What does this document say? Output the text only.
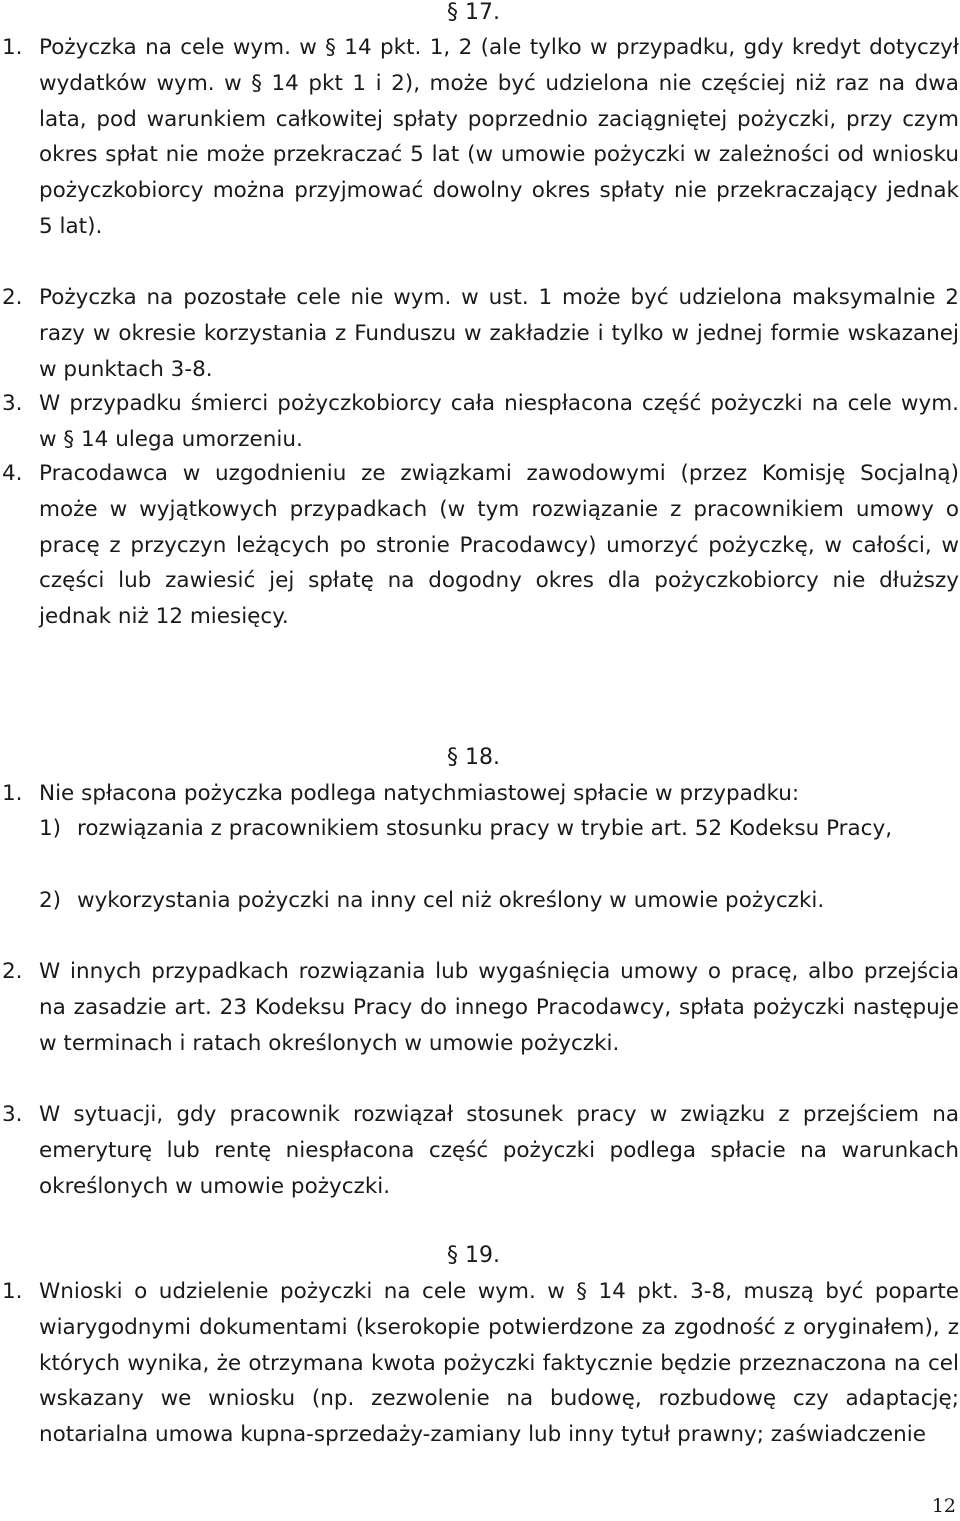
§ 17.
1. Pożyczka na cele wym. w § 14 pkt. 1, 2 (ale tylko w przypadku, gdy kredyt dotyczył wydatków wym. w § 14 pkt 1 i 2), może być udzielona nie częściej niż raz na dwa lata, pod warunkiem całkowitej spłaty poprzednio zaciągniętej pożyczki, przy czym okres spłat nie może przekraczać 5 lat (w umowie pożyczki w zależności od wniosku pożyczkobiorcy można przyjmować dowolny okres spłaty nie przekraczający jednak 5 lat).
2. Pożyczka na pozostałe cele nie wym. w ust. 1 może być udzielona maksymalnie 2 razy w okresie korzystania z Funduszu w zakładzie i tylko w jednej formie wskazanej w punktach 3-8.
3. W przypadku śmierci pożyczkobiorcy cała niespłacona część pożyczki na cele wym. w § 14 ulega umorzeniu.
4. Pracodawca w uzgodnieniu ze związkami zawodowymi (przez Komisję Socjalną) może w wyjątkowych przypadkach (w tym rozwiązanie z pracownikiem umowy o pracę z przyczyn leżących po stronie Pracodawcy) umorzyć pożyczkę, w całości, w części lub zawiesić jej spłatę na dogodny okres dla pożyczkobiorcy nie dłuższy jednak niż 12 miesięcy.
§ 18.
1. Nie spłacona pożyczka podlega natychmiastowej spłacie w przypadku:
1) rozwiązania z pracownikiem stosunku pracy w trybie art. 52 Kodeksu Pracy,
2) wykorzystania pożyczki na inny cel niż określony w umowie pożyczki.
2. W innych przypadkach rozwiązania lub wygaśnięcia umowy o pracę, albo przejścia na zasadzie art. 23 Kodeksu Pracy do innego Pracodawcy, spłata pożyczki następuje w terminach i ratach określonych w umowie pożyczki.
3. W sytuacji, gdy pracownik rozwiązał stosunek pracy w związku z przejściem na emeryturę lub rentę niespłacona część pożyczki podlega spłacie na warunkach określonych w umowie pożyczki.
§ 19.
1. Wnioski o udzielenie pożyczki na cele wym. w § 14 pkt. 3-8, muszą być poparte wiarygodnymi dokumentami (kserokopie potwierdzone za zgodność z oryginałem), z których wynika, że otrzymana kwota pożyczki faktycznie będzie przeznaczona na cel wskazany we wniosku (np. zezwolenie na budowę, rozbudowę czy adaptację; notarialna umowa kupna-sprzedaży-zamiany lub inny tytuł prawny; zaświadczenie
12
